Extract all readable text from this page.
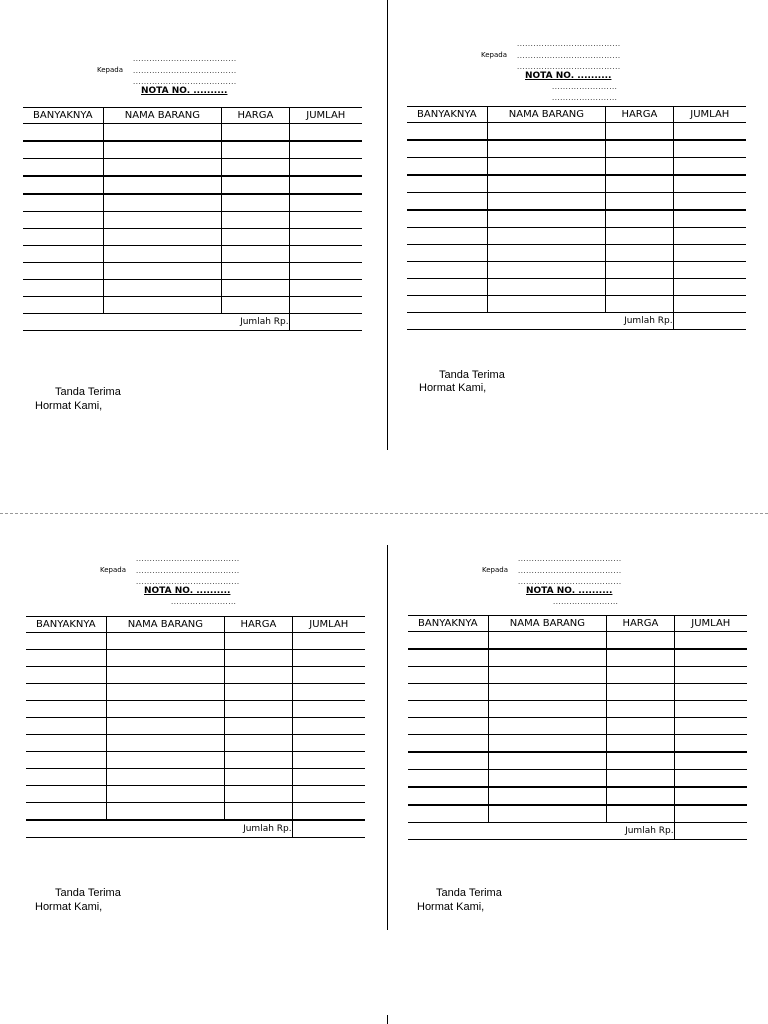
......................................
Kepada ......................................
......................................
NOTA NO. ..........
BANYAKNYA	NAMA BARANG	HARGA	JUMLAH

Jumlah Rp.			
Tanda Terima
Hormat Kami,
......................................
Kepada ......................................
......................................
NOTA NO. ..........
........................
........................
BANYAKNYA	NAMA BARANG	HARGA	JUMLAH

Jumlah Rp.			
Tanda Terima
Hormat Kami,
......................................
Kepada ......................................
......................................
NOTA NO. ..........
........................
BANYAKNYA	NAMA BARANG	HARGA	JUMLAH

Jumlah Rp.			
Tanda Terima
Hormat Kami,
......................................
Kepada ......................................
......................................
NOTA NO. ..........
........................
BANYAKNYA	NAMA BARANG	HARGA	JUMLAH

Jumlah Rp.			
Tanda Terima
Hormat Kami,
